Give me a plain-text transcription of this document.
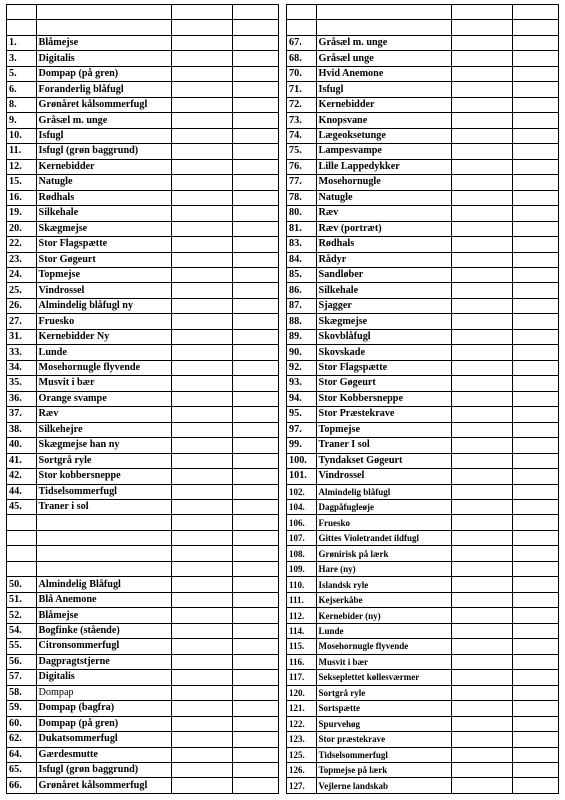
1.	Blåmejse		
3.	Digitalis		
5.	Dompap (på gren)		
6.	Foranderlig blåfugl		
8.	Grønåret kålsommerfugl		
9.	Gråsæl m. unge		
10.	Isfugl		
11.	Isfugl (grøn baggrund)		
12.	Kernebidder		
15.	Natugle		
16.	Rødhals		
19.	Silkehale		
20.	Skægmejse		
22.	Stor Flagspætte		
23.	Stor Gøgeurt		
24.	Topmejse		
25.	Vindrossel		
26.	Almindelig blåfugl ny		
27.	Fruesko		
31.	Kernebidder Ny		
33.	Lunde		
34.	Mosehornugle flyvende		
35.	Musvit i bær		
36.	Orange svampe		
37.	Ræv		
38.	Silkehejre		
40.	Skægmejse han ny		
41.	Sortgrå ryle		
42.	Stor kobbersneppe		
44.	Tidselsommerfugl		
45.	Traner i sol		

50.	Almindelig Blåfugl		
51.	Blå Anemone		
52.	Blåmejse		
54.	Bogfinke (stående)		
55.	Citronsommerfugl		
56.	Dagpragtstjerne		
57.	Digitalis		
58.	Dompap		
59.	Dompap (bagfra)		
60.	Dompap (på gren)		
62.	Dukatsommerfugl		
64.	Gærdesmutte		
65.	Isfugl (grøn baggrund)		
66.	Grønåret kålsommerfugl		

67.	Gråsæl m. unge		
68.	Gråsæl unge		
70.	Hvid Anemone		
71.	Isfugl		
72.	Kernebidder		
73.	Knopsvane		
74.	Lægeoksetunge		
75.	Lampesvampe		
76.	Lille Lappedykker		
77.	Mosehornugle		
78.	Natugle		
80.	Ræv		
81.	Ræv (portræt)		
83.	Rødhals		
84.	Rådyr		
85.	Sandløber		
86.	Silkehale		
87.	Sjagger		
88.	Skægmejse		
89.	Skovblåfugl		
90.	Skovskade		
92.	Stor Flagspætte		
93.	Stor Gøgeurt		
94.	Stor Kobbersneppe		
95.	Stor Præstekrave		
97.	Topmejse		
99.	Traner I sol		
100.	Tyndakset Gøgeurt		
101.	Vindrossel		
102.	Almindelig blåfugl		
104.	Dagpåfugleøje		
106.	Fruesko		
107.	Gittes Violetrandet ildfugl		
108.	Grønirisk på lærk		
109.	Hare (ny)		
110.	Islandsk ryle		
111.	Kejserkåbe		
112.	Kernebider (ny)		
114.	Lunde		
115.	Mosehornugle flyvende		
116.	Musvit i bær		
117.	Sekseplettet køllesværmer		
120.	Sortgrå ryle		
121.	Sortspætte		
122.	Spurvehøg		
123.	Stor præstekrave		
125.	Tidselsommerfugl		
126.	Topmejse på lærk		
127.	Vejlerne landskab		
